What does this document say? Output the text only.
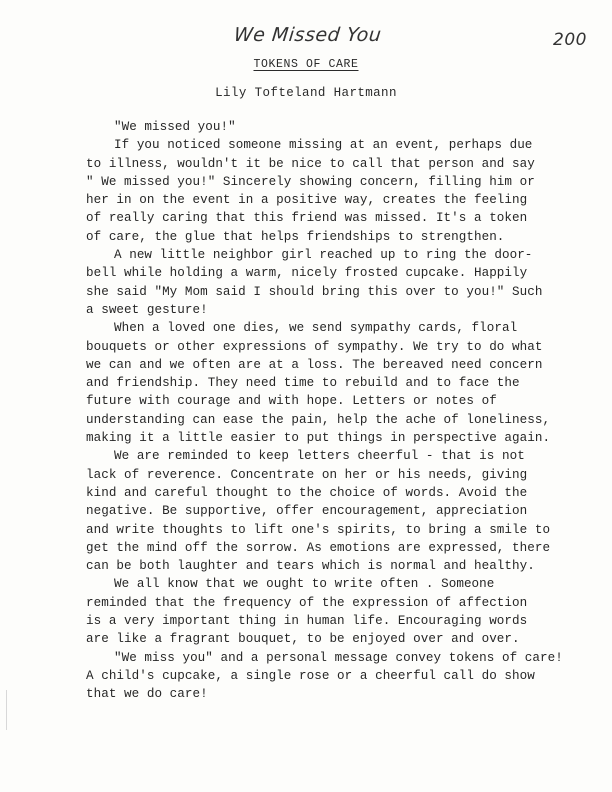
We Missed You	200
TOKENS OF CARE
Lily Tofteland Hartmann
"We missed you!"
If you noticed someone missing at an event, perhaps due
to illness, wouldn't it be nice to call that person and say
" We missed you!" Sincerely showing concern, filling him or
her in on the event in a positive way, creates the feeling
of really caring that this friend was missed. It's a token
of care, the glue that helps friendships to strengthen.
A new little neighbor girl reached up to ring the door-
bell while holding a warm, nicely frosted cupcake. Happily
she said "My Mom said I should bring this over to you!" Such
a sweet gesture!
When a loved one dies, we send sympathy cards, floral
bouquets or other expressions of sympathy. We try to do what
we can and we often are at a loss. The bereaved need concern
and friendship. They need time to rebuild and to face the
future with courage and with hope. Letters or notes of
understanding can ease the pain, help the ache of loneliness,
making it a little easier to put things in perspective again.
We are reminded to keep letters cheerful - that is not
lack of reverence. Concentrate on her or his needs, giving
kind and careful thought to the choice of words. Avoid the
negative. Be supportive, offer encouragement, appreciation
and write thoughts to lift one's spirits, to bring a smile to
get the mind off the sorrow. As emotions are expressed, there
can be both laughter and tears which is normal and healthy.
We all know that we ought to write often . Someone
reminded that the frequency of the expression of affection
is a very important thing in human life. Encouraging words
are like a fragrant bouquet, to be enjoyed over and over.
"We miss you" and a personal message convey tokens of care!
A child's cupcake, a single rose or a cheerful call do show
that we do care!
